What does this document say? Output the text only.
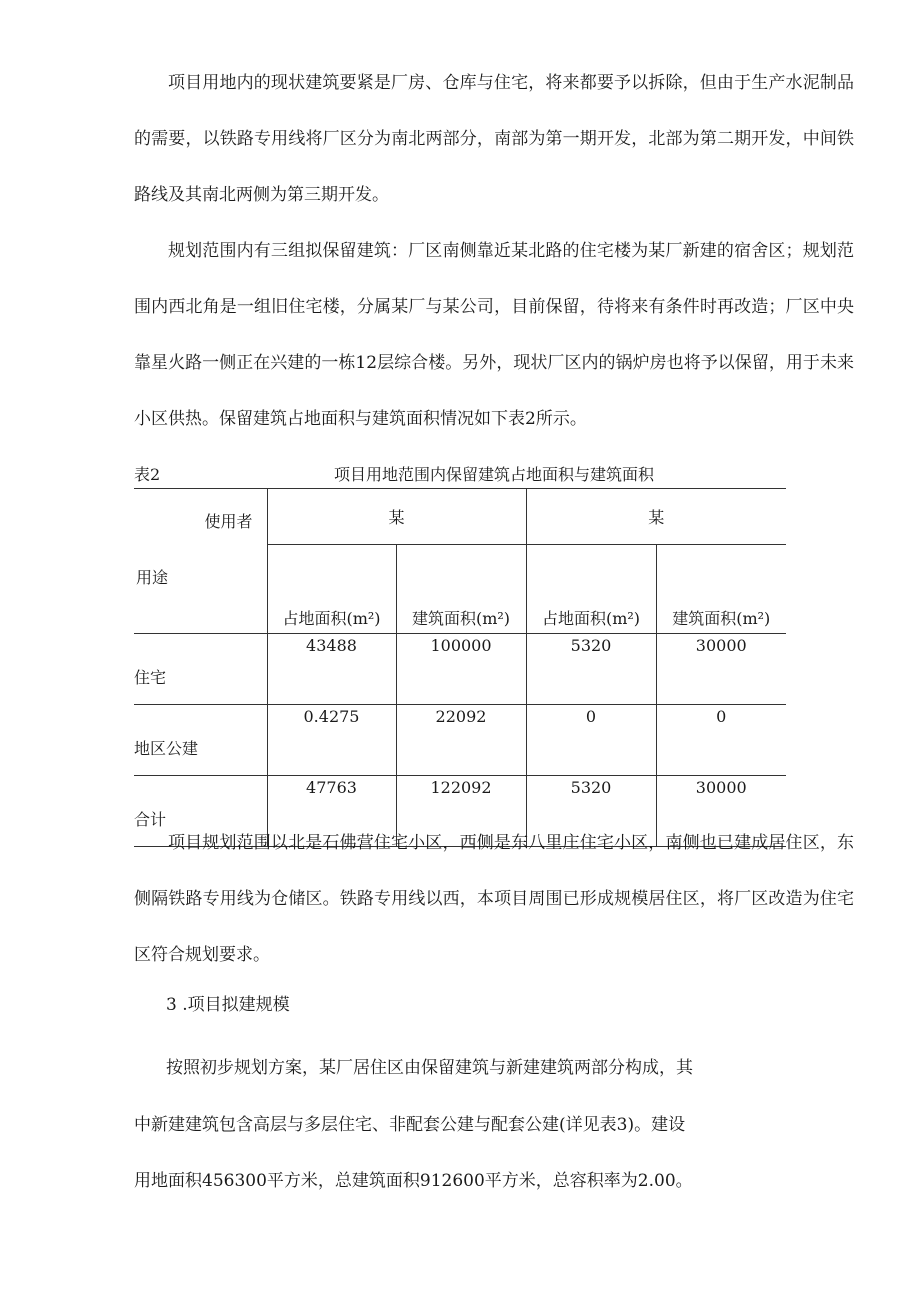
项目用地内的现状建筑要紧是厂房、仓库与住宅，将来都要予以拆除，但由于生产水泥制品的需要，以铁路专用线将厂区分为南北两部分，南部为第一期开发，北部为第二期开发，中间铁路线及其南北两侧为第三期开发。

规划范围内有三组拟保留建筑：厂区南侧靠近某北路的住宅楼为某厂新建的宿舍区；规划范围内西北角是一组旧住宅楼，分属某厂与某公司，目前保留，待将来有条件时再改造；厂区中央靠星火路一侧正在兴建的一栋12层综合楼。另外，现状厂区内的锅炉房也将予以保留，用于未来小区供热。保留建筑占地面积与建筑面积情况如下表2所示。

表2	项目用地范围内保留建筑占地面积与建筑面积
使用者
用途	某		某	
	占地面积(m²)	建筑面积(m²)	占地面积(m²)	建筑面积(m²)
住宅	43488	100000	5320	30000
地区公建	0.4275	22092	0	0
合计	47763	122092	5320	30000

项目规划范围以北是石佛营住宅小区，西侧是东八里庄住宅小区，南侧也已建成居住区，东侧隔铁路专用线为仓储区。铁路专用线以西，本项目周围已形成规模居住区，将厂区改造为住宅区符合规划要求。

3 .项目拟建规模
按照初步规划方案，某厂居住区由保留建筑与新建建筑两部分构成，其
中新建建筑包含高层与多层住宅、非配套公建与配套公建(详见表3)。建设
用地面积456300平方米，总建筑面积912600平方米，总容积率为2.00。
